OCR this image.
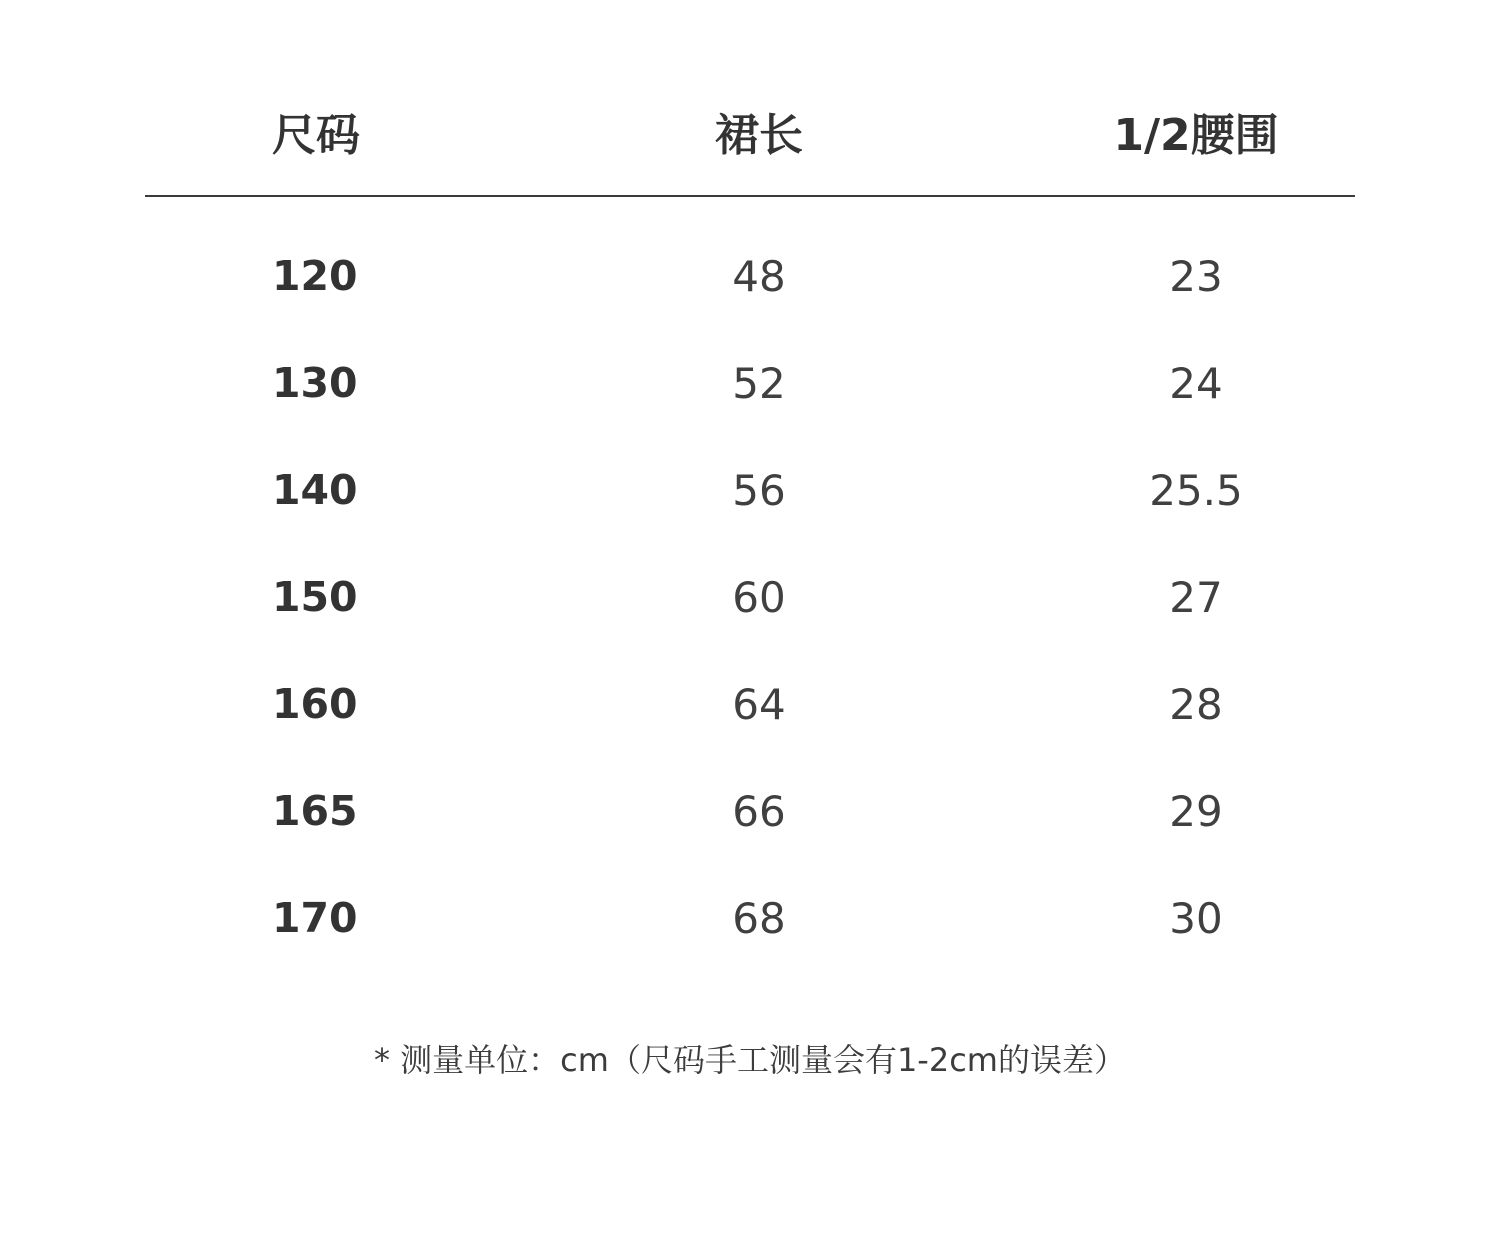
尺码	裙长	1/2腰围
120	48	23
130	52	24
140	56	25.5
150	60	27
160	64	28
165	66	29
170	68	30
* 测量单位：cm（尺码手工测量会有1-2cm的误差）
